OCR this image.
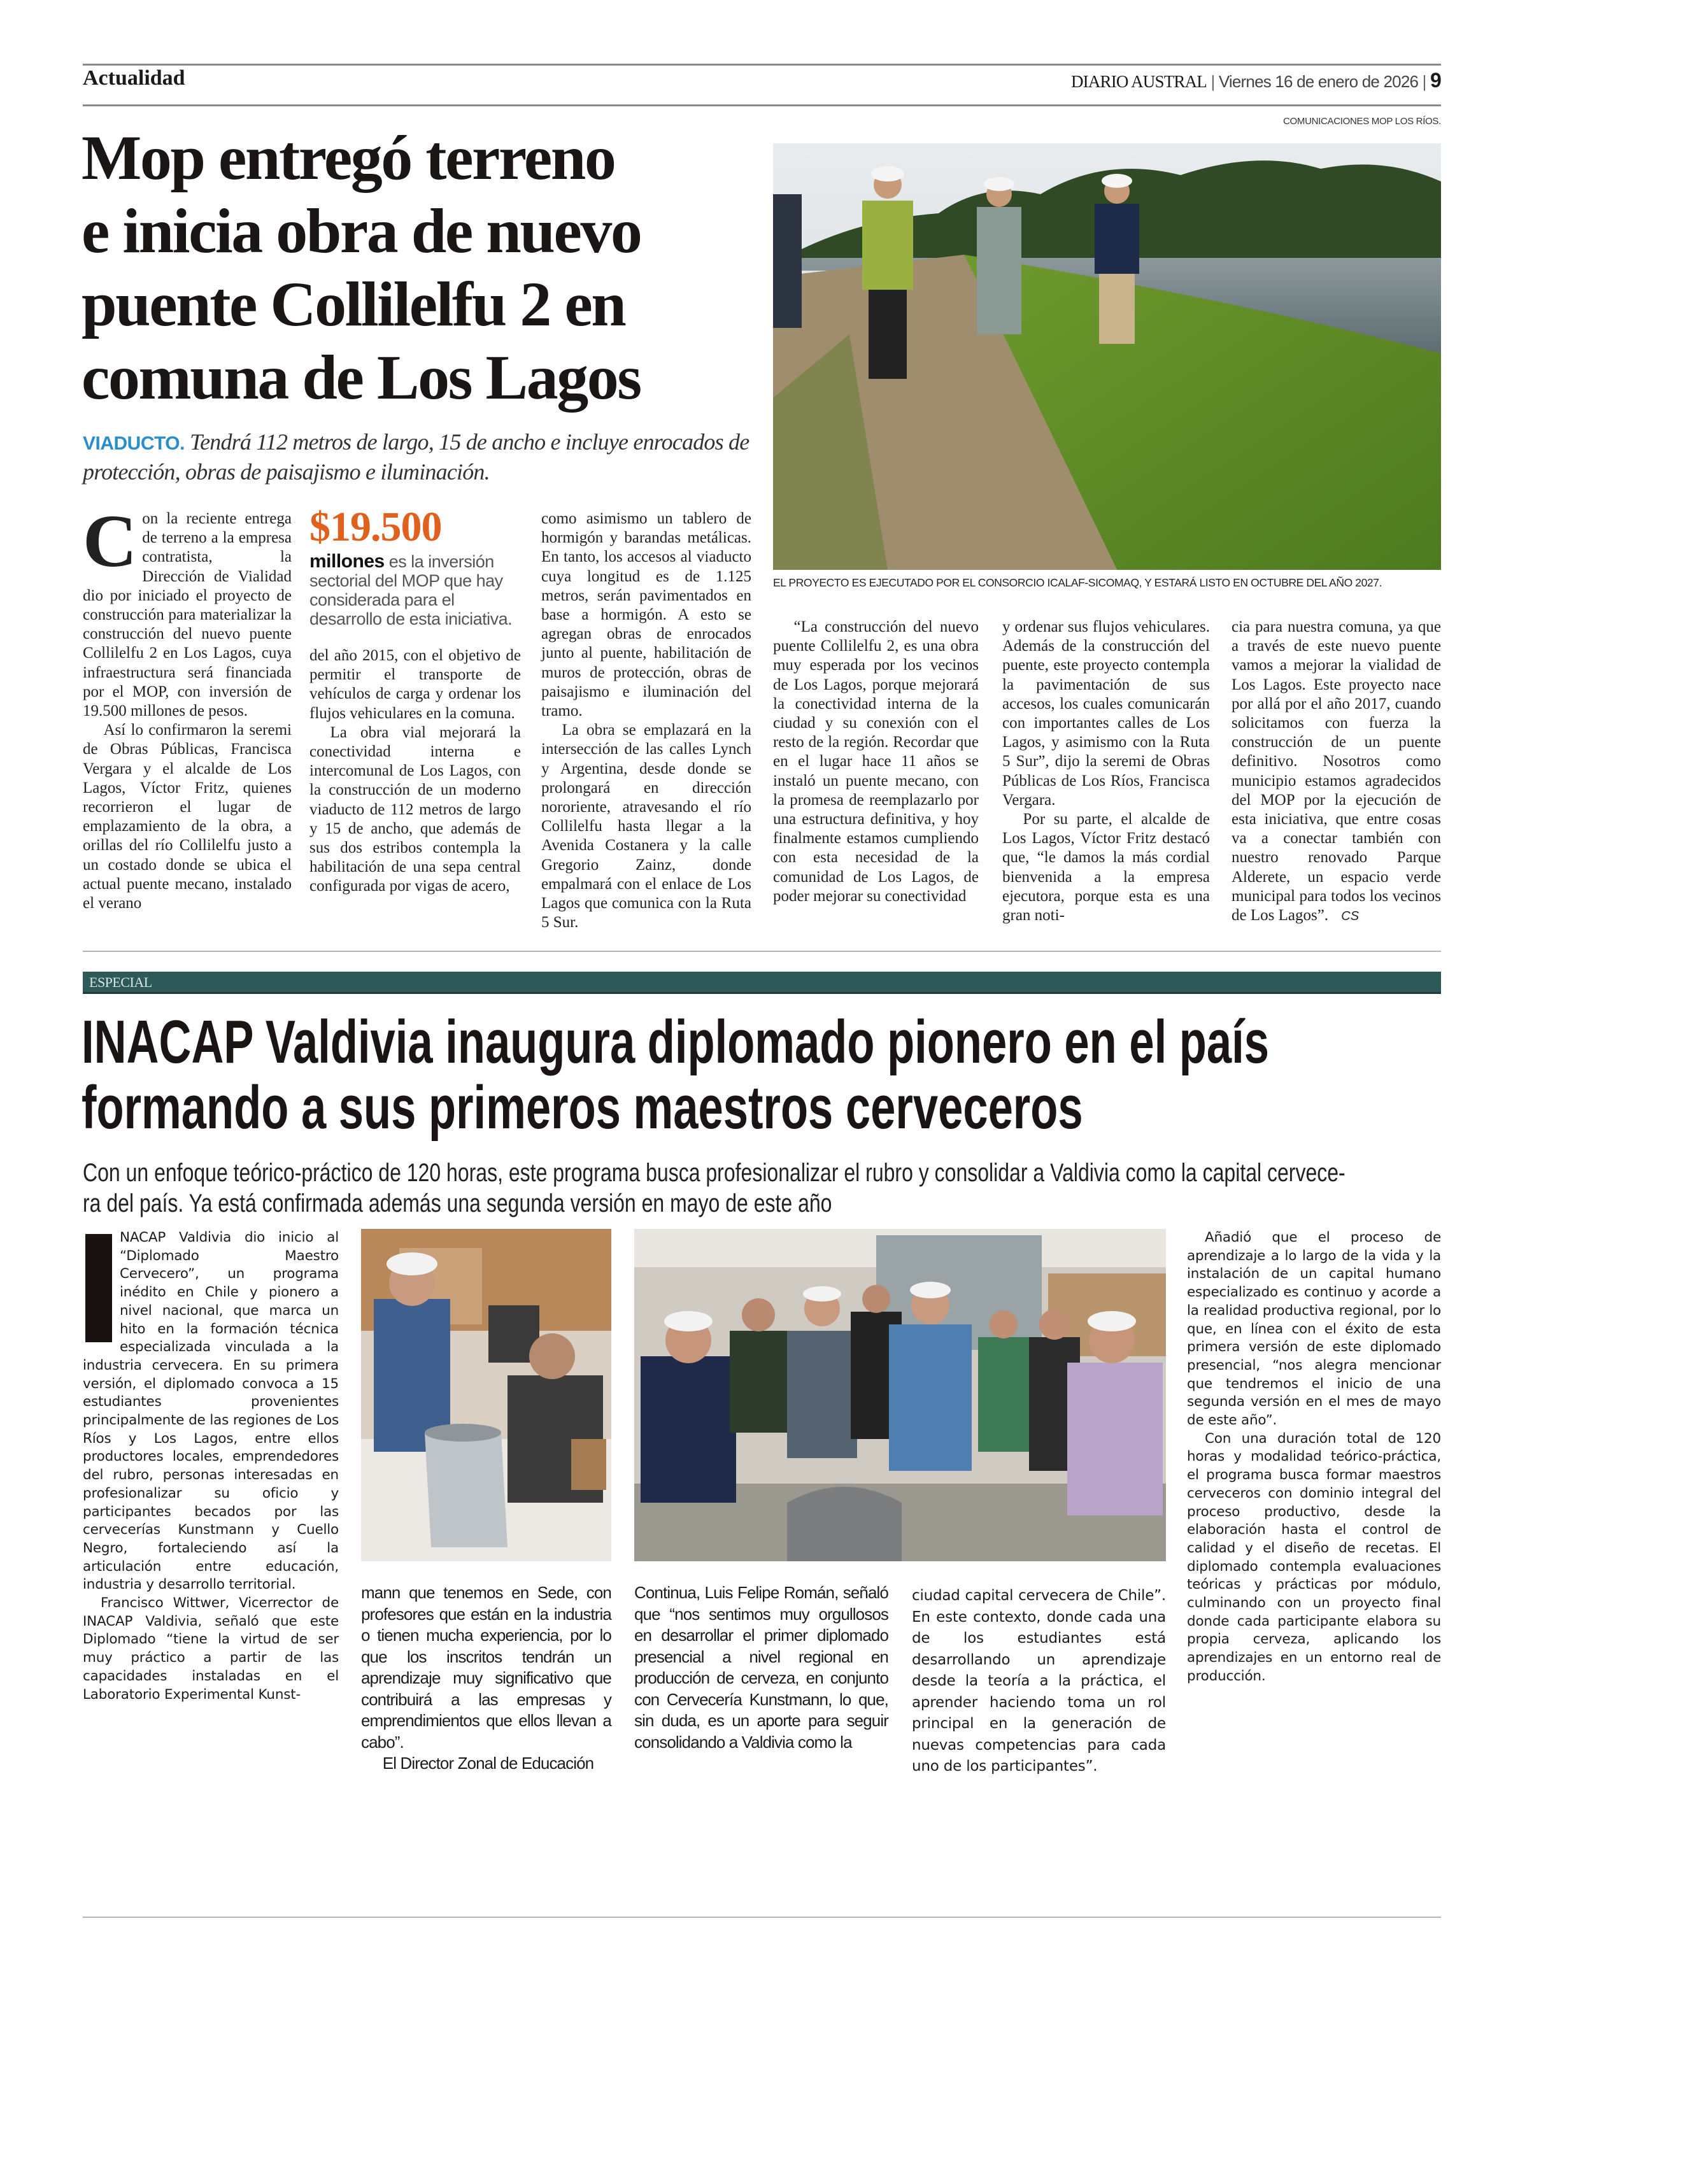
Actualidad	DIARIO AUSTRAL | Viernes 16 de enero de 2026 | 9
Mop entregó terreno
e inicia obra de nuevo
puente Collilelfu 2 en
comuna de Los Lagos
VIADUCTO. Tendrá 112 metros de largo, 15 de ancho e incluye enrocados de protección, obras de paisajismo e iluminación.
COMUNICACIONES MOP LOS RÍOS.
EL PROYECTO ES EJECUTADO POR EL CONSORCIO ICALAF-SICOMAQ, Y ESTARÁ LISTO EN OCTUBRE DEL AÑO 2027.
C on la reciente entrega de terreno a la empresa contratista, la Dirección de Vialidad dio por iniciado el proyecto de construcción para materializar la construcción del nuevo puente Collilelfu 2 en Los Lagos, cuya infraestructura será financiada por el MOP, con inversión de 19.500 millones de pesos.

Así lo confirmaron la seremi de Obras Públicas, Francisca Vergara y el alcalde de Los Lagos, Víctor Fritz, quienes recorrieron el lugar de emplazamiento de la obra, a orillas del río Collilelfu justo a un costado donde se ubica el actual puente mecano, instalado el verano

$19.500
millones es la inversión sectorial del MOP que hay considerada para el desarrollo de esta iniciativa.

del año 2015, con el objetivo de permitir el transporte de vehículos de carga y ordenar los flujos vehiculares en la comuna.

La obra vial mejorará la conectividad interna e intercomunal de Los Lagos, con la construcción de un moderno viaducto de 112 metros de largo y 15 de ancho, que además de sus dos estribos contempla la habilitación de una sepa central configurada por vigas de acero,

como asimismo un tablero de hormigón y barandas metálicas. En tanto, los accesos al viaducto cuya longitud es de 1.125 metros, serán pavimentados en base a hormigón. A esto se agregan obras de enrocados junto al puente, habilitación de muros de protección, obras de paisajismo e iluminación del tramo.

La obra se emplazará en la intersección de las calles Lynch y Argentina, desde donde se prolongará en dirección nororiente, atravesando el río Collilelfu hasta llegar a la Avenida Costanera y la calle Gregorio Zainz, donde empalmará con el enlace de Los Lagos que comunica con la Ruta 5 Sur.

“La construcción del nuevo puente Collilelfu 2, es una obra muy esperada por los vecinos de Los Lagos, porque mejorará la conectividad interna de la ciudad y su conexión con el resto de la región. Recordar que en el lugar hace 11 años se instaló un puente mecano, con la promesa de reemplazarlo por una estructura definitiva, y hoy finalmente estamos cumpliendo con esta necesidad de la comunidad de Los Lagos, de poder mejorar su conectividad

y ordenar sus flujos vehiculares. Además de la construcción del puente, este proyecto contempla la pavimentación de sus accesos, los cuales comunicarán con importantes calles de Los Lagos, y asimismo con la Ruta 5 Sur”, dijo la seremi de Obras Públicas de Los Ríos, Francisca Vergara.

Por su parte, el alcalde de Los Lagos, Víctor Fritz destacó que, “le damos la más cordial bienvenida a la empresa ejecutora, porque esta es una gran noti-

cia para nuestra comuna, ya que a través de este nuevo puente vamos a mejorar la vialidad de Los Lagos. Este proyecto nace por allá por el año 2017, cuando solicitamos con fuerza la construcción de un puente definitivo. Nosotros como municipio estamos agradecidos del MOP por la ejecución de esta iniciativa, que entre cosas va a conectar también con nuestro renovado Parque Alderete, un espacio verde municipal para todos los vecinos de Los Lagos”. CS

ESPECIAL
INACAP Valdivia inaugura diplomado pionero en el país
formando a sus primeros maestros cerveceros
Con un enfoque teórico-práctico de 120 horas, este programa busca profesionalizar el rubro y consolidar a Valdivia como la capital cervece-
ra del país. Ya está confirmada además una segunda versión en mayo de este año
I

NACAP Valdivia dio inicio al “Diplomado Maestro Cervecero”, un programa inédito en Chile y pionero a nivel nacional, que marca un hito en la formación técnica especializada vinculada a la industria cervecera. En su primera versión, el diplomado convoca a 15 estudiantes provenientes principalmente de las regiones de Los Ríos y Los Lagos, entre ellos productores locales, emprendedores del rubro, personas interesadas en profesionalizar su oficio y participantes becados por las cervecerías Kunstmann y Cuello Negro, fortaleciendo así la articulación entre educación, industria y desarrollo territorial.

Francisco Wittwer, Vicerrector de INACAP Valdivia, señaló que este Diplomado “tiene la virtud de ser muy práctico a partir de las capacidades instaladas en el Laboratorio Experimental Kunst-

mann que tenemos en Sede, con profesores que están en la industria o tienen mucha experiencia, por lo que los inscritos tendrán un aprendizaje muy significativo que contribuirá a las empresas y emprendimientos que ellos llevan a cabo”.

El Director Zonal de Educación

Continua, Luis Felipe Román, señaló que “nos sentimos muy orgullosos en desarrollar el primer diplomado presencial a nivel regional en producción de cerveza, en conjunto con Cervecería Kunstmann, lo que, sin duda, es un aporte para seguir consolidando a Valdivia como la

ciudad capital cervecera de Chile”. En este contexto, donde cada una de los estudiantes está desarrollando un aprendizaje desde la teoría a la práctica, el aprender haciendo toma un rol principal en la generación de nuevas competencias para cada uno de los participantes”.

Añadió que el proceso de aprendizaje a lo largo de la vida y la instalación de un capital humano especializado es continuo y acorde a la realidad productiva regional, por lo que, en línea con el éxito de esta primera versión de este diplomado presencial, “nos alegra mencionar que tendremos el inicio de una segunda versión en el mes de mayo de este año”.

Con una duración total de 120 horas y modalidad teórico-práctica, el programa busca formar maestros cerveceros con dominio integral del proceso productivo, desde la elaboración hasta el control de calidad y el diseño de recetas. El diplomado contempla evaluaciones teóricas y prácticas por módulo, culminando con un proyecto final donde cada participante elabora su propia cerveza, aplicando los aprendizajes en un entorno real de producción.
